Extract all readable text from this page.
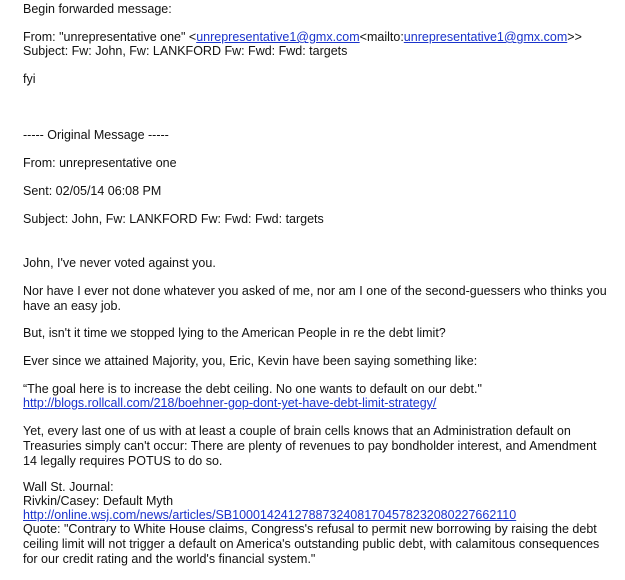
Begin forwarded message:
From: "unrepresentative one" <unrepresentative1@gmx.com<mailto:unrepresentative1@gmx.com>>
Subject: Fw: John, Fw: LANKFORD Fw: Fwd: Fwd: targets
fyi
----- Original Message -----
From: unrepresentative one
Sent: 02/05/14 06:08 PM
Subject: John, Fw: LANKFORD Fw: Fwd: Fwd: targets
John, I've never voted against you.
Nor have I ever not done whatever you asked of me, nor am I one of the second-guessers who thinks you have an easy job.
But, isn't it time we stopped lying to the American People in re the debt limit?
Ever since we attained Majority, you, Eric, Kevin have been saying something like:
“The goal here is to increase the debt ceiling. No one wants to default on our debt."
http://blogs.rollcall.com/218/boehner-gop-dont-yet-have-debt-limit-strategy/
Yet, every last one of us with at least a couple of brain cells knows that an Administration default on Treasuries simply can't occur: There are plenty of revenues to pay bondholder interest, and Amendment 14 legally requires POTUS to do so.
Wall St. Journal:
Rivkin/Casey: Default Myth
http://online.wsj.com/news/articles/SB10001424127887324081704578232080227662110
Quote: "Contrary to White House claims, Congress's refusal to permit new borrowing by raising the debt ceiling limit will not trigger a default on America's outstanding public debt, with calamitous consequences for our credit rating and the world's financial system."
